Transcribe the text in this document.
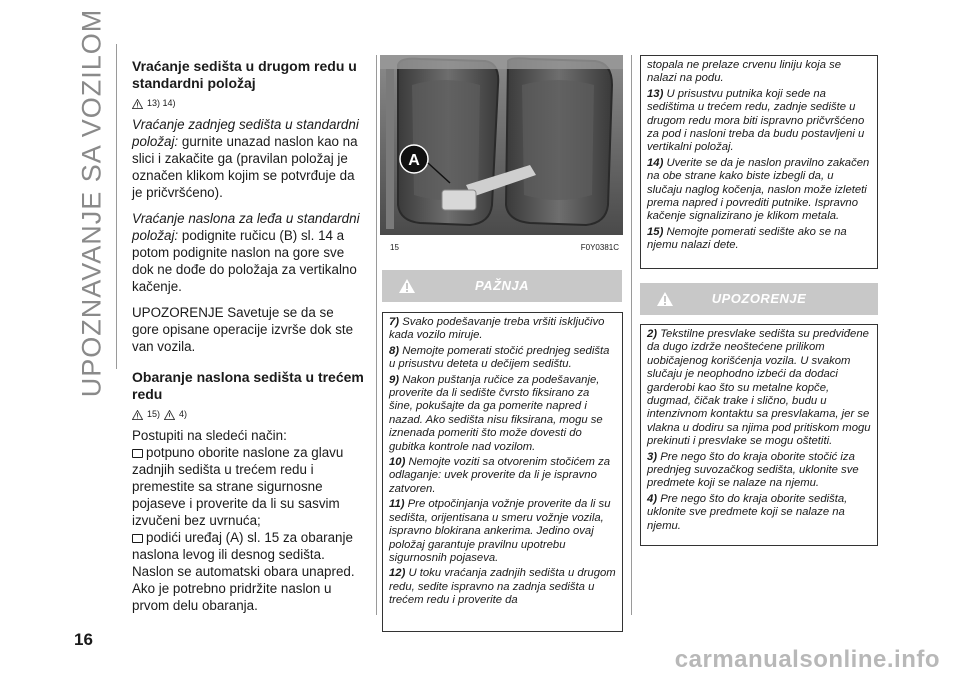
UPOZNAVANJE SA VOZILOM Vraćanje sedišta u drugom redu u standardni položaj
13) 14)

Vraćanje zadnjeg sedišta u standardni položaj: gurnite unazad naslon kao na slici i zakačite ga (pravilan položaj je označen klikom kojim se potvrđuje da je pričvršćeno).

Vraćanje naslona za leđa u standardni položaj: podignite ručicu (B) sl. 14 a potom podignite naslon na gore sve dok ne dođe do položaja za vertikalno kačenje.

UPOZORENJE Savetuje se da se gore opisane operacije izvrše dok ste van vozila.

Obaranje naslona sedišta u trećem redu
15) 4)

Postupiti na sledeći način:

potpuno oborite naslone za glavu zadnjih sedišta u trećem redu i premestite sa strane sigurnosne pojaseve i proverite da li su sasvim izvučeni bez uvrnuća;

podići uređaj (A) sl. 15 za obaranje naslona levog ili desnog sedišta. Naslon se automatski obara unapred. Ako je potrebno pridržite naslon u prvom delu obaranja.

A
15	F0Y0381C
PAŽNJA

7) Svako podešavanje treba vršiti isključivo kada vozilo miruje.

8) Nemojte pomerati stočić prednjeg sedišta u prisustvu deteta u dečijem sedištu.

9) Nakon puštanja ručice za podešavanje, proverite da li sedište čvrsto fiksirano za šine, pokušajte da ga pomerite napred i nazad. Ako sedišta nisu fiksirana, mogu se iznenada pomeriti što može dovesti do gubitka kontrole nad vozilom.

10) Nemojte voziti sa otvorenim stočićem za odlaganje: uvek proverite da li je ispravno zatvoren.

11) Pre otpočinjanja vožnje proverite da li su sedišta, orijentisana u smeru vožnje vozila, ispravno blokirana ankerima. Jedino ovaj položaj garantuje pravilnu upotrebu sigurnosnih pojaseva.

12) U toku vraćanja zadnjih sedišta u drugom redu, sedite ispravno na zadnja sedišta u trećem redu i proverite da

stopala ne prelaze crvenu liniju koja se nalazi na podu.

13) U prisustvu putnika koji sede na sedištima u trećem redu, zadnje sedište u drugom redu mora biti ispravno pričvršćeno za pod i nasloni treba da budu postavljeni u vertikalni položaj.

14) Uverite se da je naslon pravilno zakačen na obe strane kako biste izbegli da, u slučaju naglog kočenja, naslon može izleteti prema napred i povrediti putnike. Ispravno kačenje signalizirano je klikom metala.

15) Nemojte pomerati sedište ako se na njemu nalazi dete.

UPOZORENJE

2) Tekstilne presvlake sedišta su predviđene da dugo izdrže neoštećene prilikom uobičajenog korišćenja vozila. U svakom slučaju je neophodno izbeći da dodaci garderobi kao što su metalne kopče, dugmad, čičak trake i slično, budu u intenzivnom kontaktu sa presvlakama, jer se vlakna u dodiru sa njima pod pritiskom mogu prekinuti i presvlake se mogu oštetiti.

3) Pre nego što do kraja oborite stočić iza prednjeg suvozačkog sedišta, uklonite sve predmete koji se nalaze na njemu.

4) Pre nego što do kraja oborite sedišta, uklonite sve predmete koji se nalaze na njemu.

16
carmanualsonline.info
